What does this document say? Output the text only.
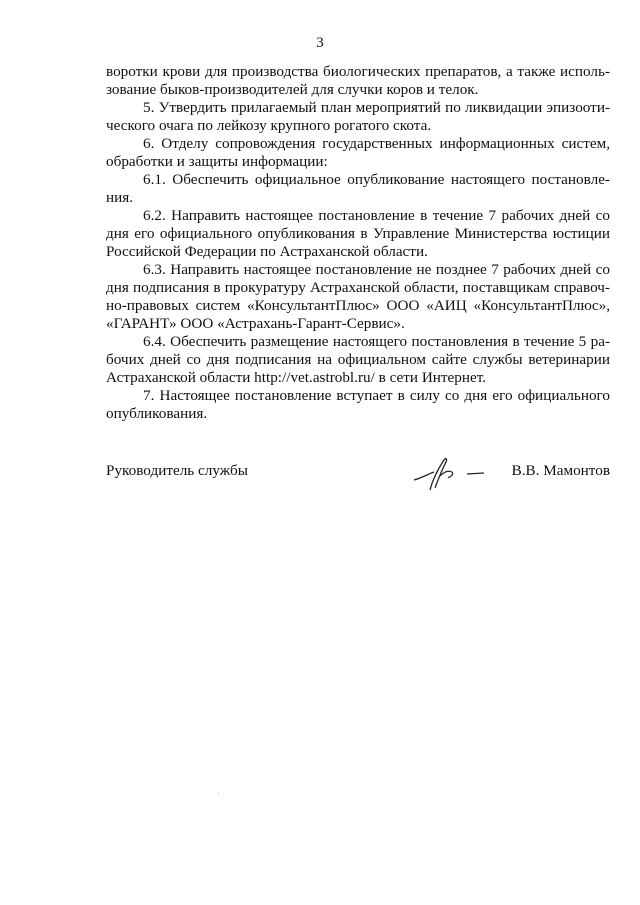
3
воротки крови для производства биологических препаратов, а также исполь-
зование быков-производителей для случки коров и телок.
5. Утвердить прилагаемый план мероприятий по ликвидации эпизооти-
ческого очага по лейкозу крупного рогатого скота.
6. Отделу сопровождения государственных информационных систем,
обработки и защиты информации:
6.1. Обеспечить официальное опубликование настоящего постановле-
ния.
6.2. Направить настоящее постановление в течение 7 рабочих дней со
дня его официального опубликования в Управление Министерства юстиции
Российской Федерации по Астраханской области.
6.3. Направить настоящее постановление не позднее 7 рабочих дней со
дня подписания в прокуратуру Астраханской области, поставщикам справоч-
но-правовых систем «КонсультантПлюс» ООО «АИЦ «КонсультантПлюс»,
«ГАРАНТ» ООО «Астрахань-Гарант-Сервис».
6.4. Обеспечить размещение настоящего постановления в течение 5 ра-
бочих дней со дня подписания на официальном сайте службы ветеринарии
Астраханской области http://vet.astrobl.ru/ в сети Интернет.
7. Настоящее постановление вступает в силу со дня его официального
опубликования.
Руководитель службы	В.В. Мамонтов
